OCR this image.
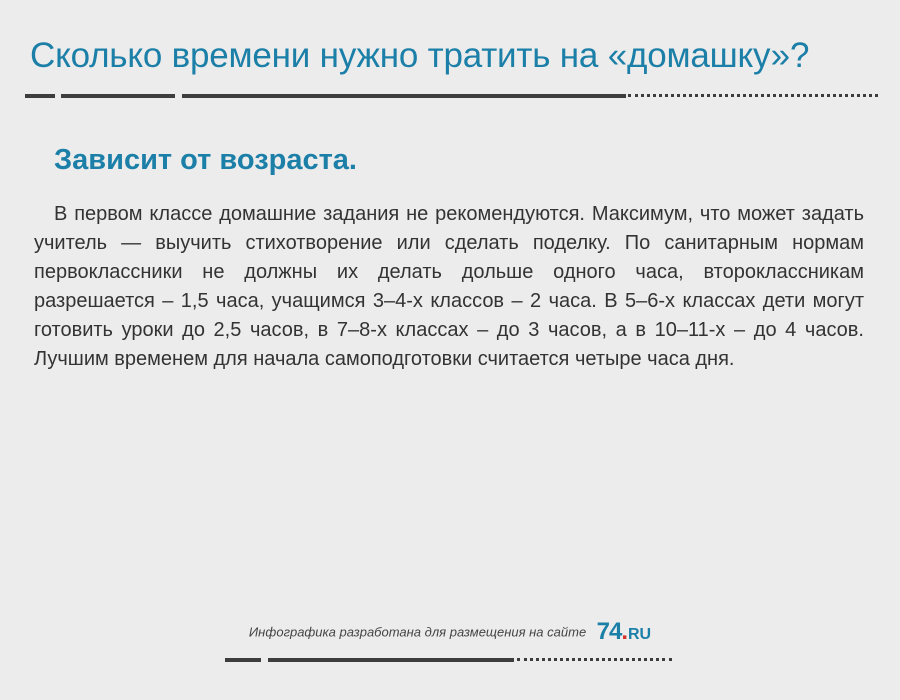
Сколько времени нужно тратить на «домашку»?
Зависит от возраста.

В первом классе домашние задания не рекомендуются. Максимум, что может задать учитель — выучить стихотворение или сделать поделку. По санитарным нормам первоклассники не должны их делать дольше одного часа, второклассникам разрешается – 1,5 часа, учащимся 3–4-х классов – 2 часа. В 5–6-х классах дети могут готовить уроки до 2,5 часов, в 7–8-х классах – до 3 часов, а в 10–11-х – до 4 часов. Лучшим временем для начала самоподготовки считается четыре часа дня.

Инфографика разработана для размещения на сайте 74.RU
